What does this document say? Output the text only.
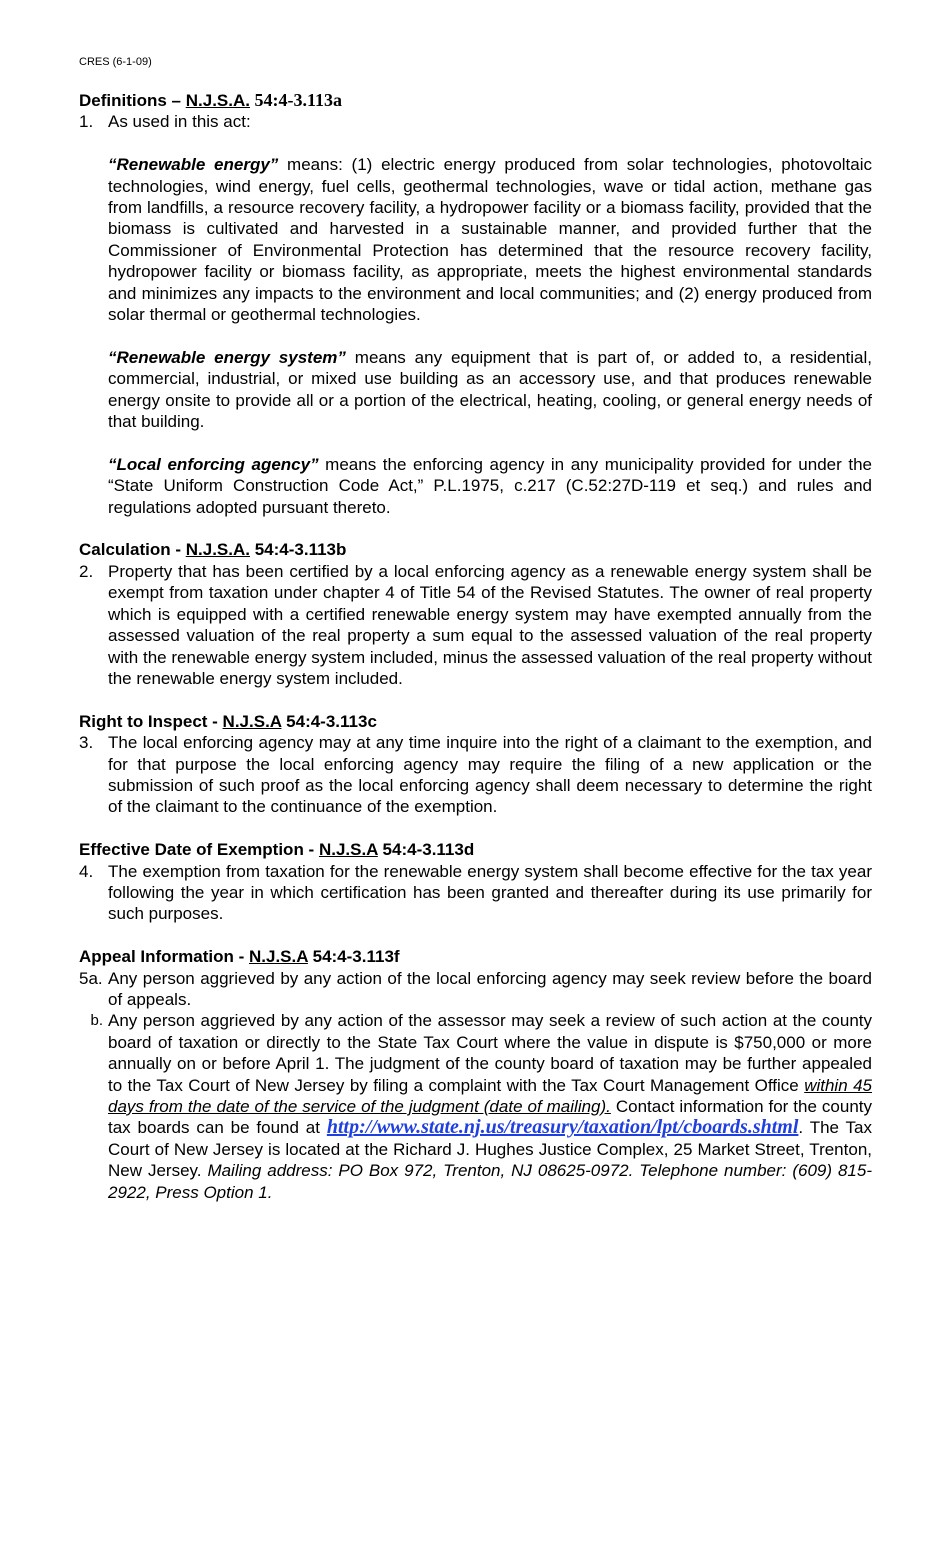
CRES (6-1-09)

Definitions – N.J.S.A. 54:4-3.113a

1. As used in this act:

“Renewable energy” means: (1) electric energy produced from solar technologies, photovoltaic technologies, wind energy, fuel cells, geothermal technologies, wave or tidal action, methane gas from landfills, a resource recovery facility, a hydropower facility or a biomass facility, provided that the biomass is cultivated and harvested in a sustainable manner, and provided further that the Commissioner of Environmental Protection has determined that the resource recovery facility, hydropower facility or biomass facility, as appropriate, meets the highest environmental standards and minimizes any impacts to the environment and local communities; and (2) energy produced from solar thermal or geothermal technologies.

“Renewable energy system” means any equipment that is part of, or added to, a residential, commercial, industrial, or mixed use building as an accessory use, and that produces renewable energy onsite to provide all or a portion of the electrical, heating, cooling, or general energy needs of that building.

“Local enforcing agency” means the enforcing agency in any municipality provided for under the “State Uniform Construction Code Act,” P.L.1975, c.217 (C.52:27D-119 et seq.) and rules and regulations adopted pursuant thereto.

Calculation - N.J.S.A. 54:4-3.113b

2. Property that has been certified by a local enforcing agency as a renewable energy system shall be exempt from taxation under chapter 4 of Title 54 of the Revised Statutes. The owner of real property which is equipped with a certified renewable energy system may have exempted annually from the assessed valuation of the real property a sum equal to the assessed valuation of the real property with the renewable energy system included, minus the assessed valuation of the real property without the renewable energy system included.

Right to Inspect - N.J.S.A 54:4-3.113c

3. The local enforcing agency may at any time inquire into the right of a claimant to the exemption, and for that purpose the local enforcing agency may require the filing of a new application or the submission of such proof as the local enforcing agency shall deem necessary to determine the right of the claimant to the continuance of the exemption.

Effective Date of Exemption - N.J.S.A 54:4-3.113d

4. The exemption from taxation for the renewable energy system shall become effective for the tax year following the year in which certification has been granted and thereafter during its use primarily for such purposes.

Appeal Information - N.J.S.A 54:4-3.113f

5a. Any person aggrieved by any action of the local enforcing agency may seek review before the board of appeals.
b. Any person aggrieved by any action of the assessor may seek a review of such action at the county board of taxation or directly to the State Tax Court where the value in dispute is $750,000 or more annually on or before April 1. The judgment of the county board of taxation may be further appealed to the Tax Court of New Jersey by filing a complaint with the Tax Court Management Office within 45 days from the date of the service of the judgment (date of mailing). Contact information for the county tax boards can be found at http://www.state.nj.us/treasury/taxation/lpt/cboards.shtml. The Tax Court of New Jersey is located at the Richard J. Hughes Justice Complex, 25 Market Street, Trenton, New Jersey. Mailing address: PO Box 972, Trenton, NJ 08625-0972. Telephone number: (609) 815-2922, Press Option 1.
